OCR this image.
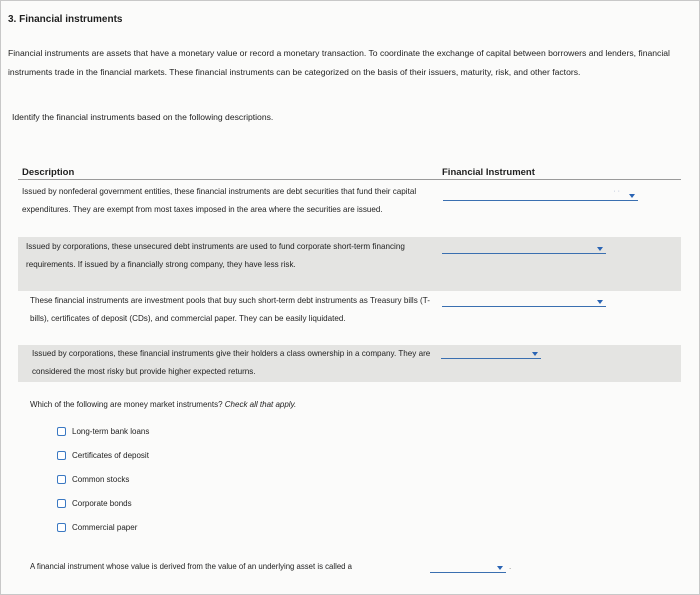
3. Financial instruments
Financial instruments are assets that have a monetary value or record a monetary transaction. To coordinate the exchange of capital between borrowers and lenders, financial instruments trade in the financial markets. These financial instruments can be categorized on the basis of their issuers, maturity, risk, and other factors.
Identify the financial instruments based on the following descriptions.
Description	Financial Instrument
Issued by nonfederal government entities, these financial instruments are debt securities that fund their capital expenditures. They are exempt from most taxes imposed in the area where the securities are issued.
· ·
Issued by corporations, these unsecured debt instruments are used to fund corporate short-term financing requirements. If issued by a financially strong company, they have less risk.
These financial instruments are investment pools that buy such short-term debt instruments as Treasury bills (T-bills), certificates of deposit (CDs), and commercial paper. They can be easily liquidated.
Issued by corporations, these financial instruments give their holders a class ownership in a company. They are considered the most risky but provide higher expected returns.
Which of the following are money market instruments? Check all that apply.
Long-term bank loans
Certificates of deposit
Common stocks
Corporate bonds
Commercial paper
A financial instrument whose value is derived from the value of an underlying asset is called a	.
